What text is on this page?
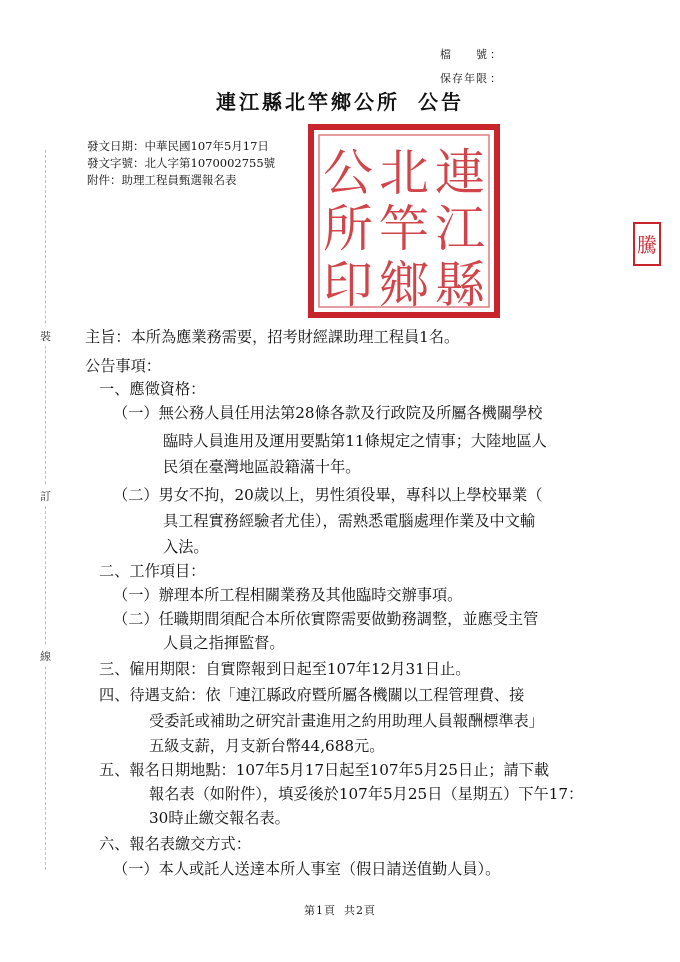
裝
訂
線
檔　　號 ：
保存年限 ：
連江縣北竿鄉公所 公告
發文日期：中華民國107年5月17日
發文字號：北人字第1070002755號
附件：助理工程員甄選報名表	連
江
縣
北
竿
鄉
公
所
印
騰
主旨：本所為應業務需要，招考財經課助理工程員1名。
公告事項：
一、應徵資格：
（一）無公務人員任用法第28條各款及行政院及所屬各機關學校
臨時人員進用及運用要點第11條規定之情事；大陸地區人
民須在臺灣地區設籍滿十年。
（二）男女不拘，20歲以上，男性須役畢，專科以上學校畢業（
具工程實務經驗者尤佳），需熟悉電腦處理作業及中文輸
入法。
二、工作項目：
（一）辦理本所工程相關業務及其他臨時交辦事項。
（二）任職期間須配合本所依實際需要做勤務調整，並應受主管
人員之指揮監督。
三、僱用期限：自實際報到日起至107年12月31日止。
四、待遇支給：依「連江縣政府暨所屬各機關以工程管理費、接
受委託或補助之研究計畫進用之約用助理人員報酬標準表」
五級支薪，月支新台幣44,688元。
五、報名日期地點：107年5月17日起至107年5月25日止；請下載
報名表（如附件），填妥後於107年5月25日（星期五）下午17：
30時止繳交報名表。
六、報名表繳交方式：
（一）本人或託人送達本所人事室（假日請送值勤人員）。
第1頁 共2頁
